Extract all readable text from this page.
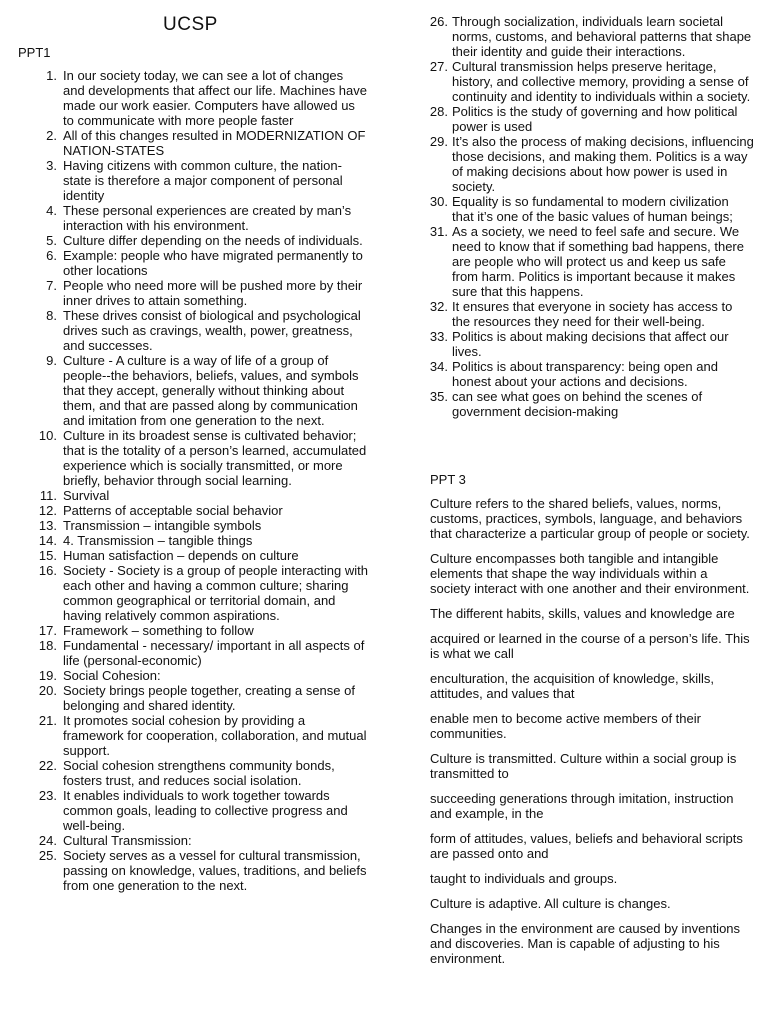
UCSP
PPT1
1. In our society today, we can see a lot of changes and developments that affect our life. Machines have made our work easier. Computers have allowed us to communicate with more people faster
2. All of this changes resulted in MODERNIZATION OF NATION-STATES
3. Having citizens with common culture, the nation-state is therefore a major component of personal identity
4. These personal experiences are created by man’s interaction with his environment.
5. Culture differ depending on the needs of individuals.
6. Example: people who have migrated permanently to other locations
7. People who need more will be pushed more by their inner drives to attain something.
8. These drives consist of biological and psychological drives such as cravings, wealth, power, greatness, and successes.
9. Culture - A culture is a way of life of a group of people--the behaviors, beliefs, values, and symbols that they accept, generally without thinking about them, and that are passed along by communication and imitation from one generation to the next.
10. Culture in its broadest sense is cultivated behavior; that is the totality of a person’s learned, accumulated experience which is socially transmitted, or more briefly, behavior through social learning.
11. Survival
12. Patterns of acceptable social behavior
13. Transmission – intangible symbols
14. 4. Transmission – tangible things
15. Human satisfaction – depends on culture
16. Society - Society is a group of people interacting with each other and having a common culture; sharing common geographical or territorial domain, and having relatively common aspirations.
17. Framework – something to follow
18. Fundamental - necessary/ important in all aspects of life (personal-economic)
19. Social Cohesion:
20. Society brings people together, creating a sense of belonging and shared identity.
21. It promotes social cohesion by providing a framework for cooperation, collaboration, and mutual support.
22. Social cohesion strengthens community bonds, fosters trust, and reduces social isolation.
23. It enables individuals to work together towards common goals, leading to collective progress and well-being.
24. Cultural Transmission:
25. Society serves as a vessel for cultural transmission, passing on knowledge, values, traditions, and beliefs from one generation to the next.
26. Through socialization, individuals learn societal norms, customs, and behavioral patterns that shape their identity and guide their interactions.
27. Cultural transmission helps preserve heritage, history, and collective memory, providing a sense of continuity and identity to individuals within a society.
28. Politics is the study of governing and how political power is used
29. It’s also the process of making decisions, influencing those decisions, and making them. Politics is a way of making decisions about how power is used in society.
30. Equality is so fundamental to modern civilization that it’s one of the basic values of human beings;
31. As a society, we need to feel safe and secure. We need to know that if something bad happens, there are people who will protect us and keep us safe from harm. Politics is important because it makes sure that this happens.
32. It ensures that everyone in society has access to the resources they need for their well-being.
33. Politics is about making decisions that affect our lives.
34. Politics is about transparency: being open and honest about your actions and decisions.
35. can see what goes on behind the scenes of government decision-making
PPT 3

Culture refers to the shared beliefs, values, norms, customs, practices, symbols, language, and behaviors that characterize a particular group of people or society.

Culture encompasses both tangible and intangible elements that shape the way individuals within a society interact with one another and their environment.

The different habits, skills, values and knowledge are

acquired or learned in the course of a person’s life. This is what we call

enculturation, the acquisition of knowledge, skills, attitudes, and values that

enable men to become active members of their communities.

Culture is transmitted. Culture within a social group is transmitted to

succeeding generations through imitation, instruction and example, in the

form of attitudes, values, beliefs and behavioral scripts are passed onto and

taught to individuals and groups.

Culture is adaptive. All culture is changes.

Changes in the environment are caused by inventions and discoveries. Man is capable of adjusting to his environment.
